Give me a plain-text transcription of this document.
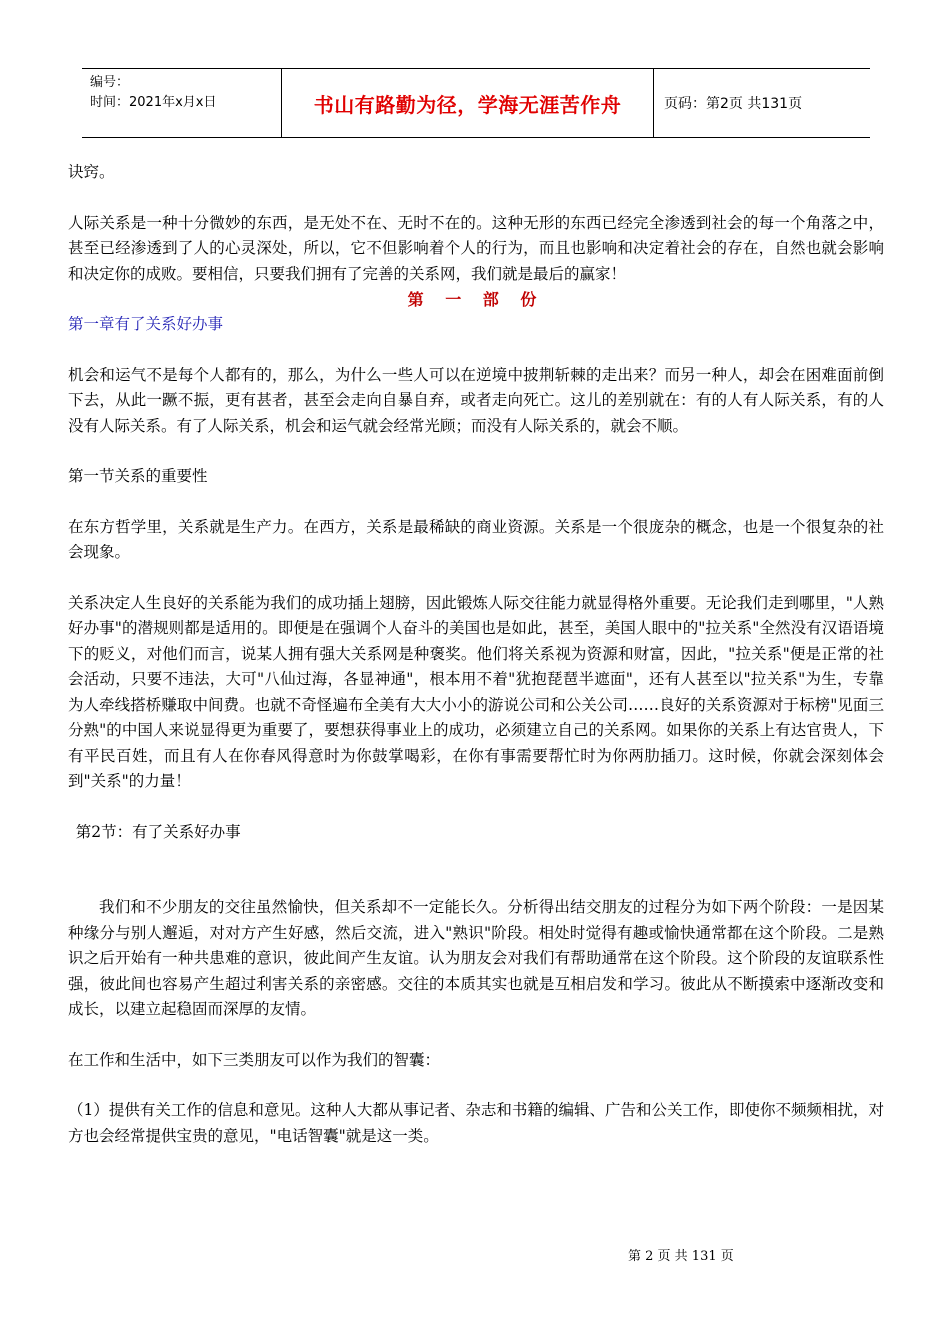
编号：
时间：2021年x月x日	书山有路勤为径，学海无涯苦作舟	页码：第2页 共131页

诀窍。

人际关系是一种十分微妙的东西，是无处不在、无时不在的。这种无形的东西已经完全渗透到社会的每一个角落之中，甚至已经渗透到了人的心灵深处，所以，它不但影响着个人的行为，而且也影响和决定着社会的存在，自然也就会影响和决定你的成败。要相信，只要我们拥有了完善的关系网，我们就是最后的赢家！

第 一 部 份

第一章有了关系好办事

机会和运气不是每个人都有的，那么，为什么一些人可以在逆境中披荆斩棘的走出来？而另一种人，却会在困难面前倒下去，从此一蹶不振，更有甚者，甚至会走向自暴自弃，或者走向死亡。这儿的差别就在：有的人有人际关系，有的人没有人际关系。有了人际关系，机会和运气就会经常光顾；而没有人际关系的，就会不顺。

第一节关系的重要性

在东方哲学里，关系就是生产力。在西方，关系是最稀缺的商业资源。关系是一个很庞杂的概念，也是一个很复杂的社会现象。

关系决定人生良好的关系能为我们的成功插上翅膀，因此锻炼人际交往能力就显得格外重要。无论我们走到哪里，"人熟好办事"的潜规则都是适用的。即便是在强调个人奋斗的美国也是如此，甚至，美国人眼中的"拉关系"全然没有汉语语境下的贬义，对他们而言，说某人拥有强大关系网是种褒奖。他们将关系视为资源和财富，因此，"拉关系"便是正常的社会活动，只要不违法，大可"八仙过海，各显神通"，根本用不着"犹抱琵琶半遮面"，还有人甚至以"拉关系"为生，专靠为人牵线搭桥赚取中间费。也就不奇怪遍布全美有大大小小的游说公司和公关公司……良好的关系资源对于标榜"见面三分熟"的中国人来说显得更为重要了，要想获得事业上的成功，必须建立自己的关系网。如果你的关系上有达官贵人，下有平民百姓，而且有人在你春风得意时为你鼓掌喝彩，在你有事需要帮忙时为你两肋插刀。这时候，你就会深刻体会到"关系"的力量！

第2节：有了关系好办事

我们和不少朋友的交往虽然愉快，但关系却不一定能长久。分析得出结交朋友的过程分为如下两个阶段：一是因某种缘分与别人邂逅，对对方产生好感，然后交流，进入"熟识"阶段。相处时觉得有趣或愉快通常都在这个阶段。二是熟识之后开始有一种共患难的意识，彼此间产生友谊。认为朋友会对我们有帮助通常在这个阶段。这个阶段的友谊联系性强，彼此间也容易产生超过利害关系的亲密感。交往的本质其实也就是互相启发和学习。彼此从不断摸索中逐渐改变和成长，以建立起稳固而深厚的友情。

在工作和生活中，如下三类朋友可以作为我们的智囊：

（1）提供有关工作的信息和意见。这种人大都从事记者、杂志和书籍的编辑、广告和公关工作，即使你不频频相扰，对方也会经常提供宝贵的意见，"电话智囊"就是这一类。

第 2 页 共 131 页
